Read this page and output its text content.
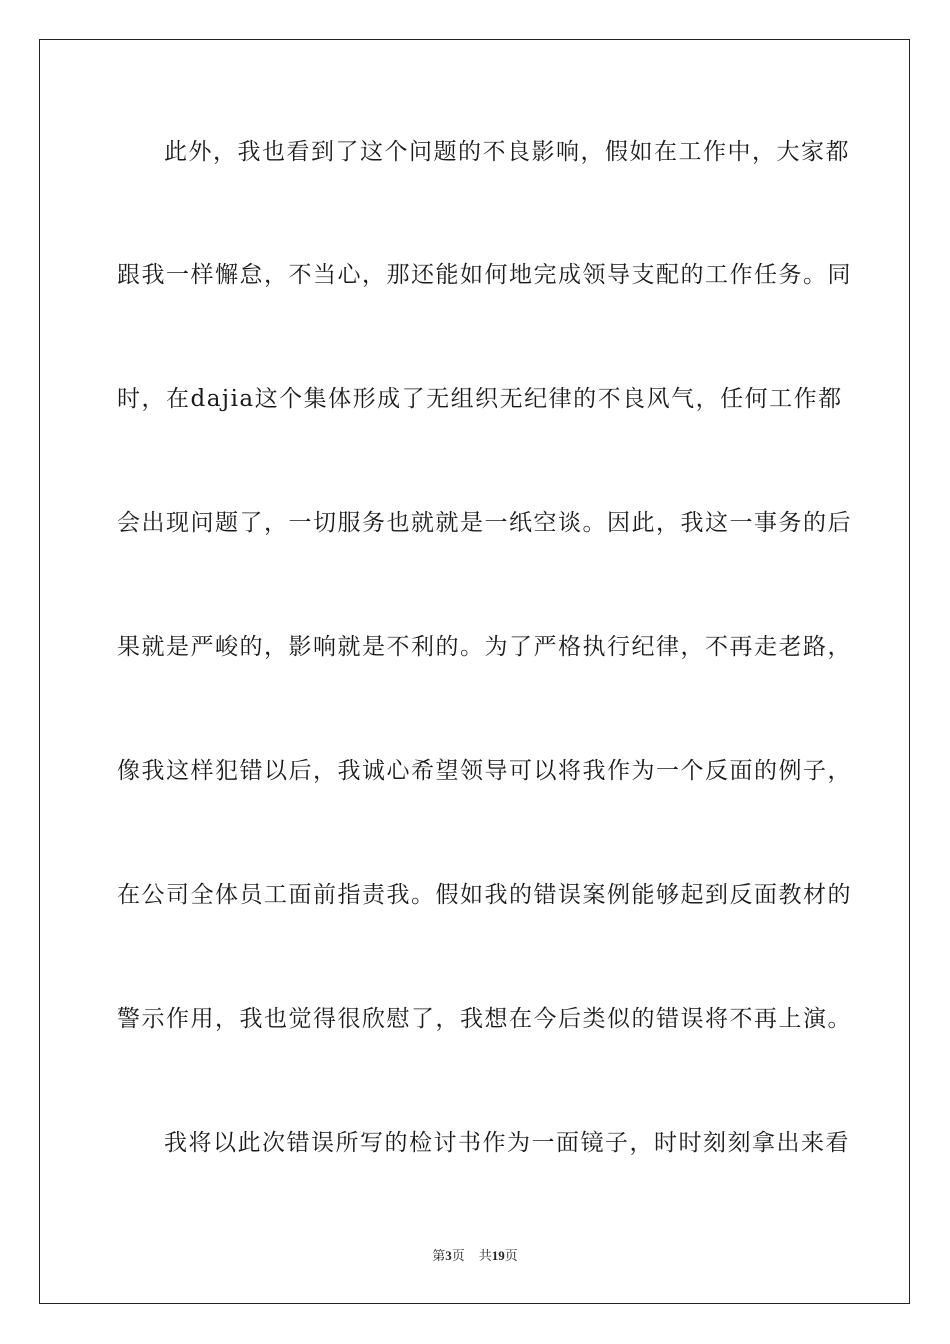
此外，我也看到了这个问题的不良影响，假如在工作中，大家都
跟我一样懈怠，不当心，那还能如何地完成领导支配的工作任务。同
时，在dajia这个集体形成了无组织无纪律的不良风气，任何工作都
会出现问题了，一切服务也就就是一纸空谈。因此，我这一事务的后
果就是严峻的，影响就是不利的。为了严格执行纪律，不再走老路，
像我这样犯错以后，我诚心希望领导可以将我作为一个反面的例子，
在公司全体员工面前指责我。假如我的错误案例能够起到反面教材的
警示作用，我也觉得很欣慰了，我想在今后类似的错误将不再上演。
我将以此次错误所写的检讨书作为一面镜子，时时刻刻拿出来看
第3页 共19页
